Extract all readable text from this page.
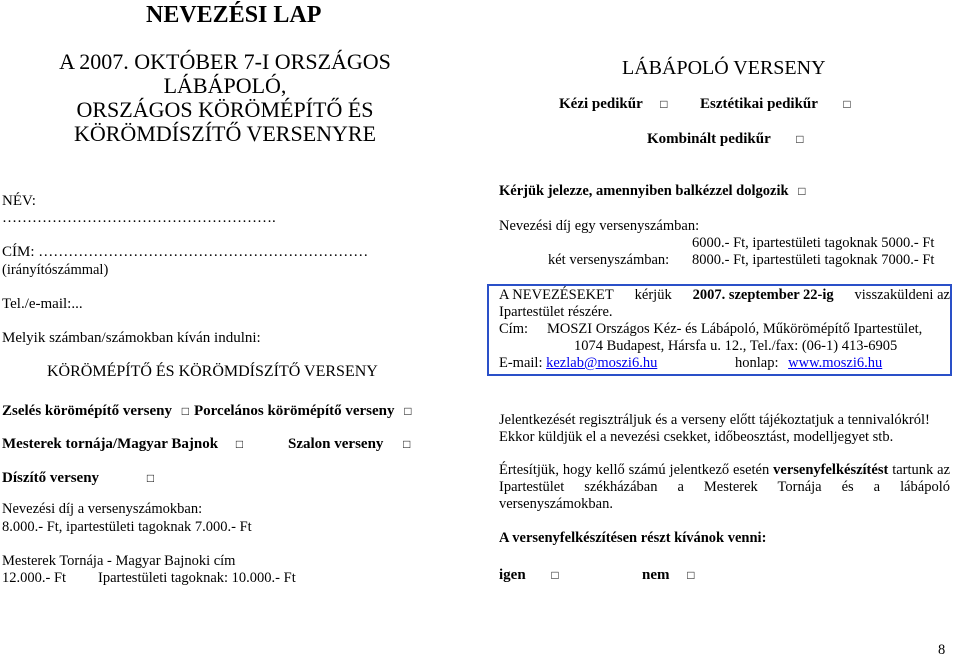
NEVEZÉSI LAP
A 2007. OKTÓBER 7-I ORSZÁGOS
LÁBÁPOLÓ,
ORSZÁGOS KÖRÖMÉPÍTŐ ÉS
KÖRÖMDÍSZÍTŐ VERSENYRE
LÁBÁPOLÓ VERSENY
Kézi pedikűr □	Esztétikai pedikűr □
Kombinált pedikűr □
NÉV:
……………………………………………….
CÍM: …………………………………………………………
(irányítószámmal)
Tel./e-mail:...
Melyik számban/számokban kíván indulni:
KÖRÖMÉPÍTŐ ÉS KÖRÖMDÍSZÍTŐ VERSENY
Zselés körömépítő verseny □	Porcelános körömépítő verseny □
Mesterek tornája/Magyar Bajnok □	Szalon verseny □
Díszítő verseny □
Nevezési díj a versenyszámokban:
8.000.- Ft, ipartestületi tagoknak 7.000.- Ft
Mesterek Tornája - Magyar Bajnoki cím
12.000.- Ft Ipartestületi tagoknak: 10.000.- Ft
Kérjük jelezze, amennyiben balkézzel dolgozik □
Nevezési díj egy versenyszámban:
6000.- Ft, ipartestületi tagoknak 5000.- Ft
két versenyszámban: 8000.- Ft, ipartestületi tagoknak 7000.- Ft
A NEVEZÉSEKET kérjük 2007. szeptember 22-ig visszaküldeni az
Ipartestület részére.
Cím: MOSZI Országos Kéz- és Lábápoló, Műkörömépítő Ipartestület,
1074 Budapest, Hársfa u. 12., Tel./fax: (06-1) 413-6905
E-mail: kezlab@moszi6.hu	honlap: www.moszi6.hu
Jelentkezését regisztráljuk és a verseny előtt tájékoztatjuk a tennivalókról! Ekkor küldjük el a nevezési csekket, időbeosztást, modelljegyet stb.
Értesítjük, hogy kellő számú jelentkező esetén versenyfelkészítést tartunk az Ipartestület székházában a Mesterek Tornája és a lábápoló versenyszámokban.
A versenyfelkészítésen részt kívánok venni:
igen □	nem □
8
